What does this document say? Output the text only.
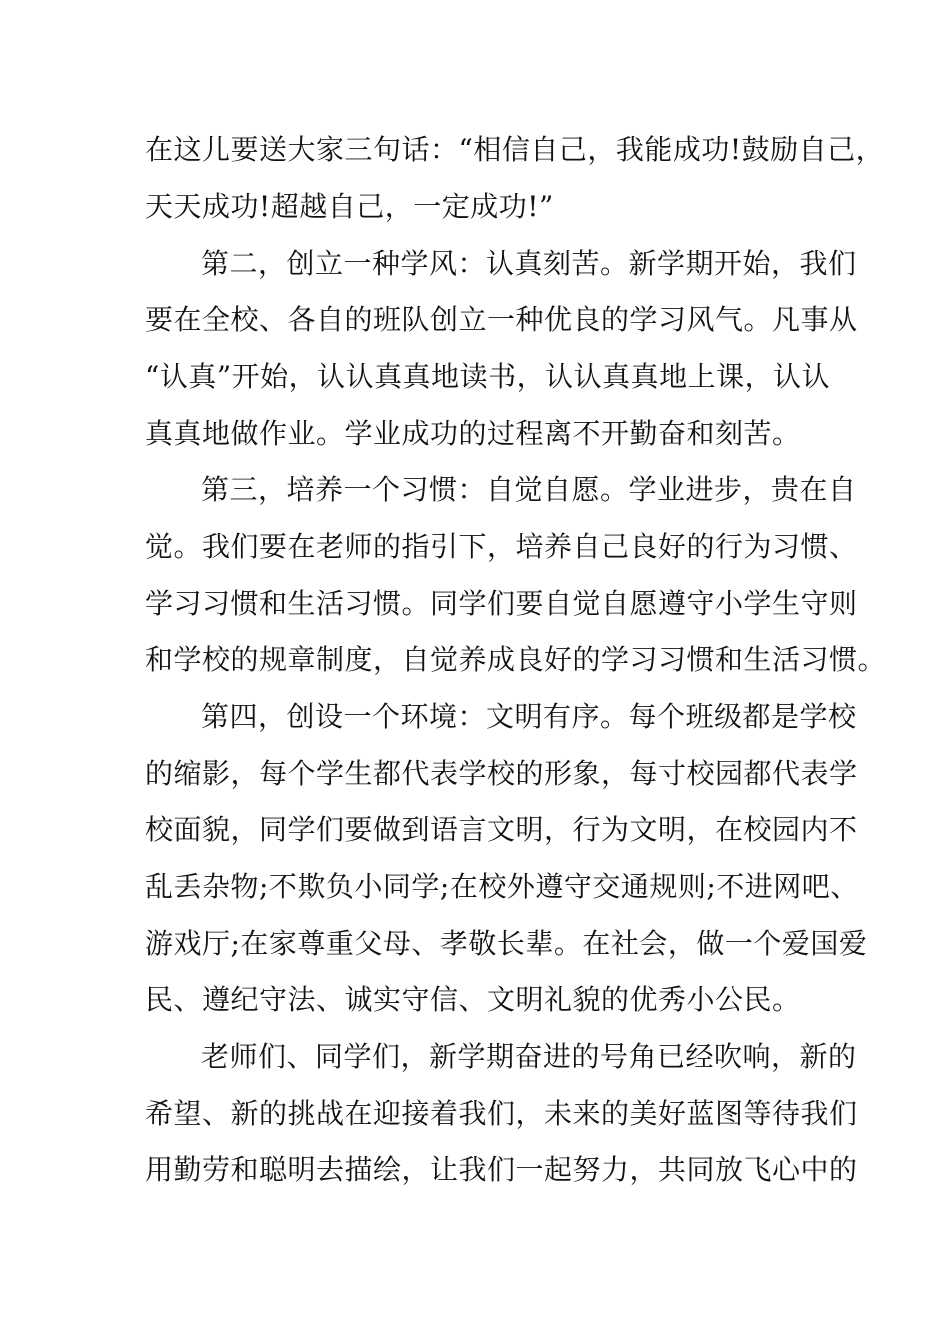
在这儿要送大家三句话：“相信自己，我能成功!鼓励自己，
天天成功!超越自己，一定成功!”
第二，创立一种学风：认真刻苦。新学期开始，我们
要在全校、各自的班队创立一种优良的学习风气。凡事从
“认真”开始，认认真真地读书，认认真真地上课，认认
真真地做作业。学业成功的过程离不开勤奋和刻苦。
第三，培养一个习惯：自觉自愿。学业进步，贵在自
觉。我们要在老师的指引下，培养自己良好的行为习惯、
学习习惯和生活习惯。同学们要自觉自愿遵守小学生守则
和学校的规章制度，自觉养成良好的学习习惯和生活习惯。
第四，创设一个环境：文明有序。每个班级都是学校
的缩影，每个学生都代表学校的形象，每寸校园都代表学
校面貌，同学们要做到语言文明，行为文明，在校园内不
乱丢杂物;不欺负小同学;在校外遵守交通规则;不进网吧、
游戏厅;在家尊重父母、孝敬长辈。在社会，做一个爱国爱
民、遵纪守法、诚实守信、文明礼貌的优秀小公民。
老师们、同学们，新学期奋进的号角已经吹响，新的
希望、新的挑战在迎接着我们，未来的美好蓝图等待我们
用勤劳和聪明去描绘，让我们一起努力，共同放飞心中的
